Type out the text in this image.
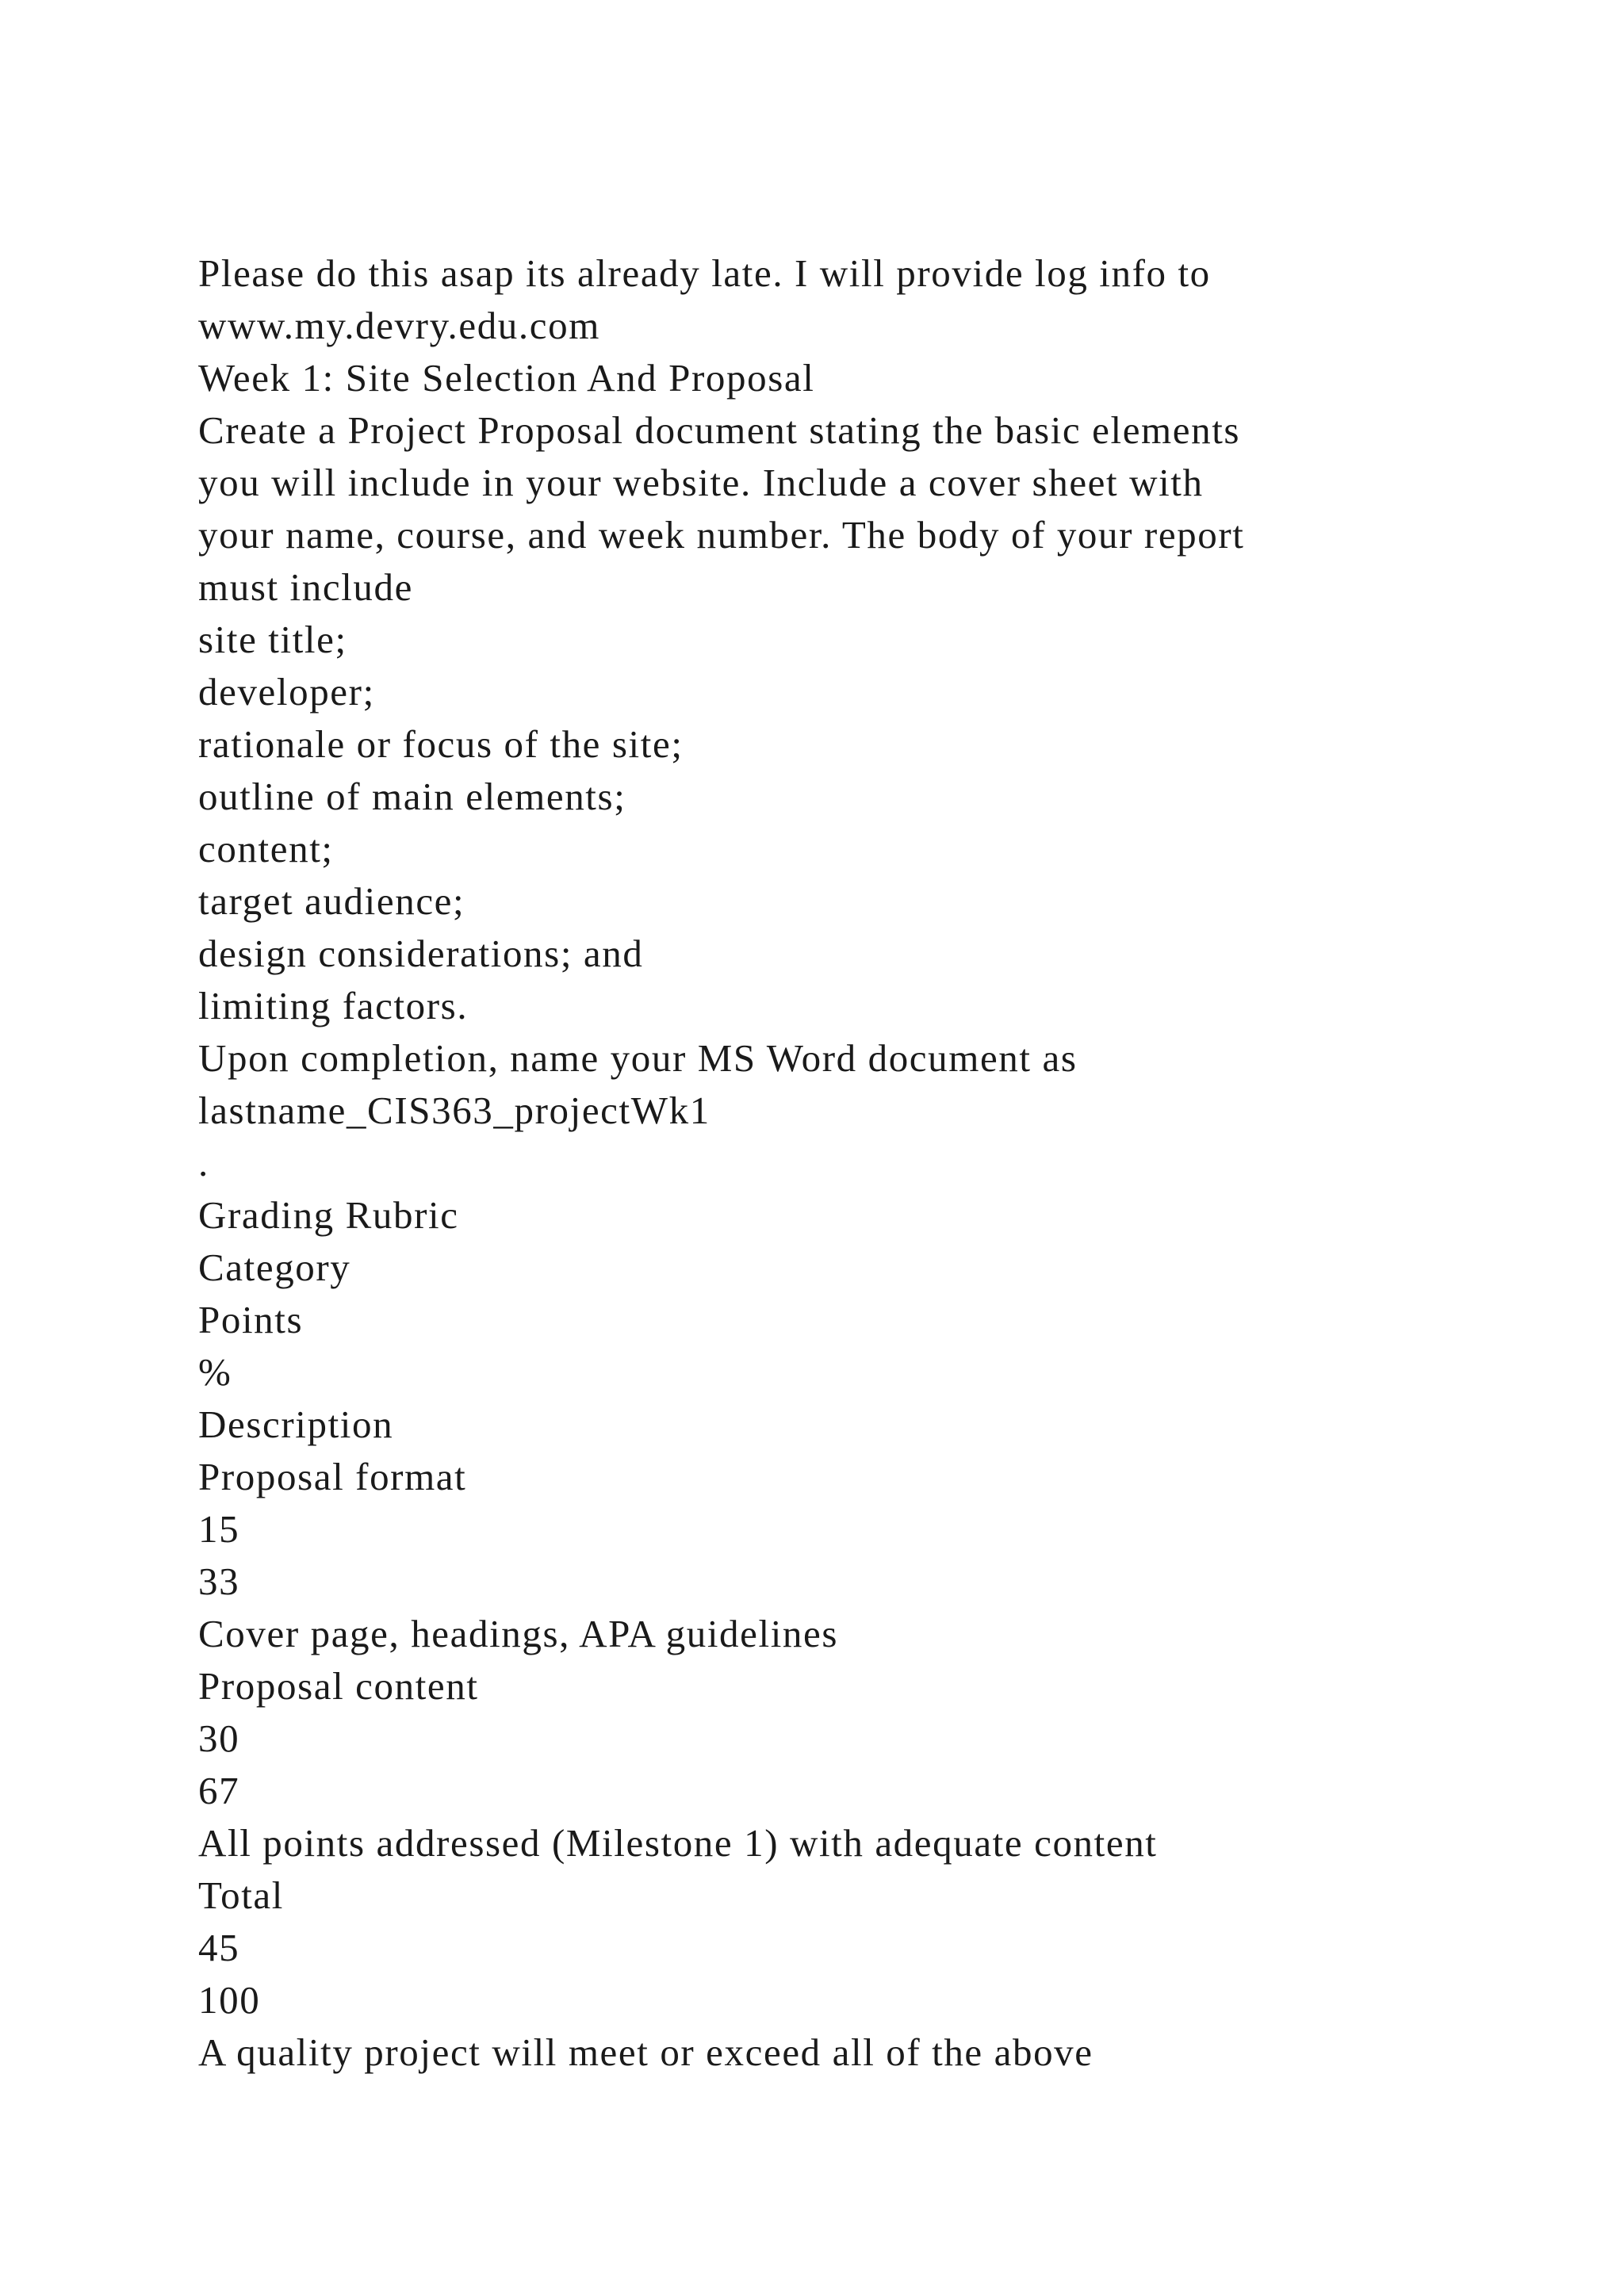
Please do this asap its already late. I will provide log info to
www.my.devry.edu.com
Week 1: Site Selection And Proposal
Create a Project Proposal document stating the basic elements
you will include in your website. Include a cover sheet with
your name, course, and week number. The body of your report
must include
site title;
developer;
rationale or focus of the site;
outline of main elements;
content;
target audience;
design considerations; and
limiting factors.
Upon completion, name your MS Word document as
lastname_CIS363_projectWk1
.
Grading Rubric
Category
Points
%
Description
Proposal format
15
33
Cover page, headings, APA guidelines
Proposal content
30
67
All points addressed (Milestone 1) with adequate content
Total
45
100
A quality project will meet or exceed all of the above
